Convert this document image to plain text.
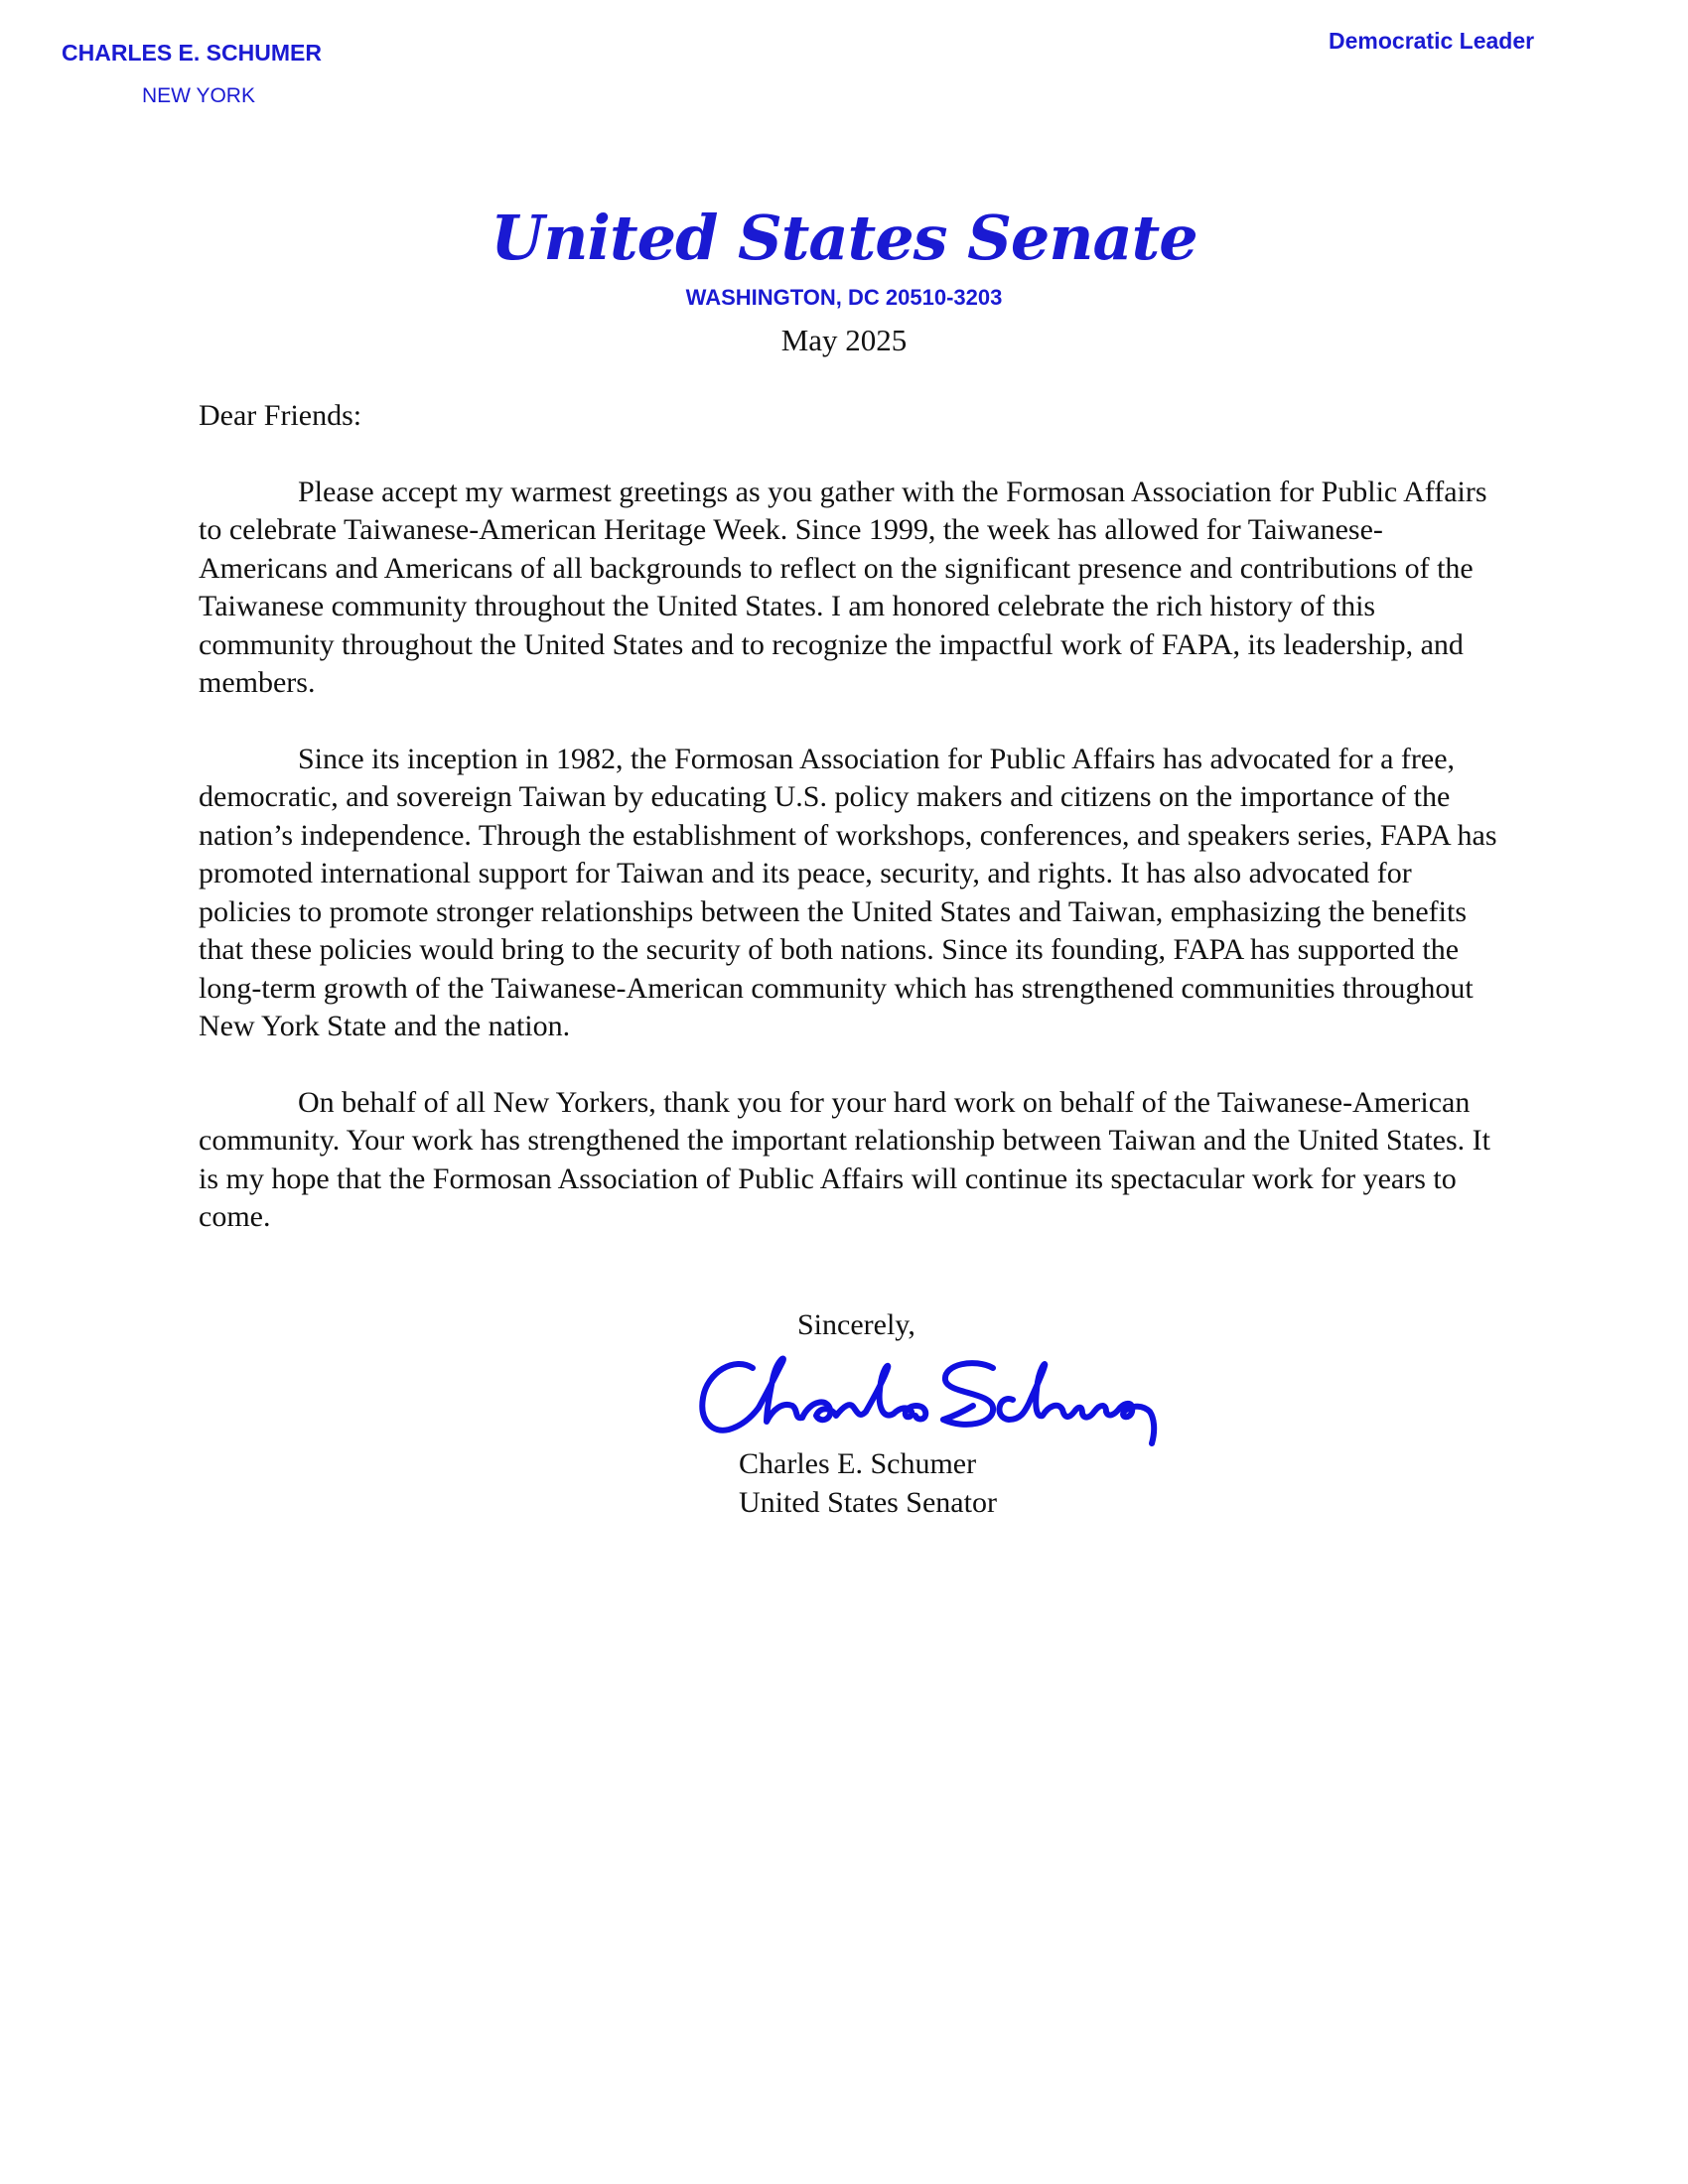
CHARLES E. SCHUMER
NEW YORK
Democratic Leader
United States Senate
WASHINGTON, DC 20510-3203
May 2025

Dear Friends:

Please accept my warmest greetings as you gather with the Formosan Association for Public Affairs to celebrate Taiwanese-American Heritage Week. Since 1999, the week has allowed for Taiwanese-Americans and Americans of all backgrounds to reflect on the significant presence and contributions of the Taiwanese community throughout the United States. I am honored celebrate the rich history of this community throughout the United States and to recognize the impactful work of FAPA, its leadership, and members.

Since its inception in 1982, the Formosan Association for Public Affairs has advocated for a free, democratic, and sovereign Taiwan by educating U.S. policy makers and citizens on the importance of the nation’s independence. Through the establishment of workshops, conferences, and speakers series, FAPA has promoted international support for Taiwan and its peace, security, and rights. It has also advocated for policies to promote stronger relationships between the United States and Taiwan, emphasizing the benefits that these policies would bring to the security of both nations. Since its founding, FAPA has supported the long-term growth of the Taiwanese-American community which has strengthened communities throughout New York State and the nation.

On behalf of all New Yorkers, thank you for your hard work on behalf of the Taiwanese-American community. Your work has strengthened the important relationship between Taiwan and the United States. It is my hope that the Formosan Association of Public Affairs will continue its spectacular work for years to come.

Sincerely,
Charles E. Schumer
United States Senator
